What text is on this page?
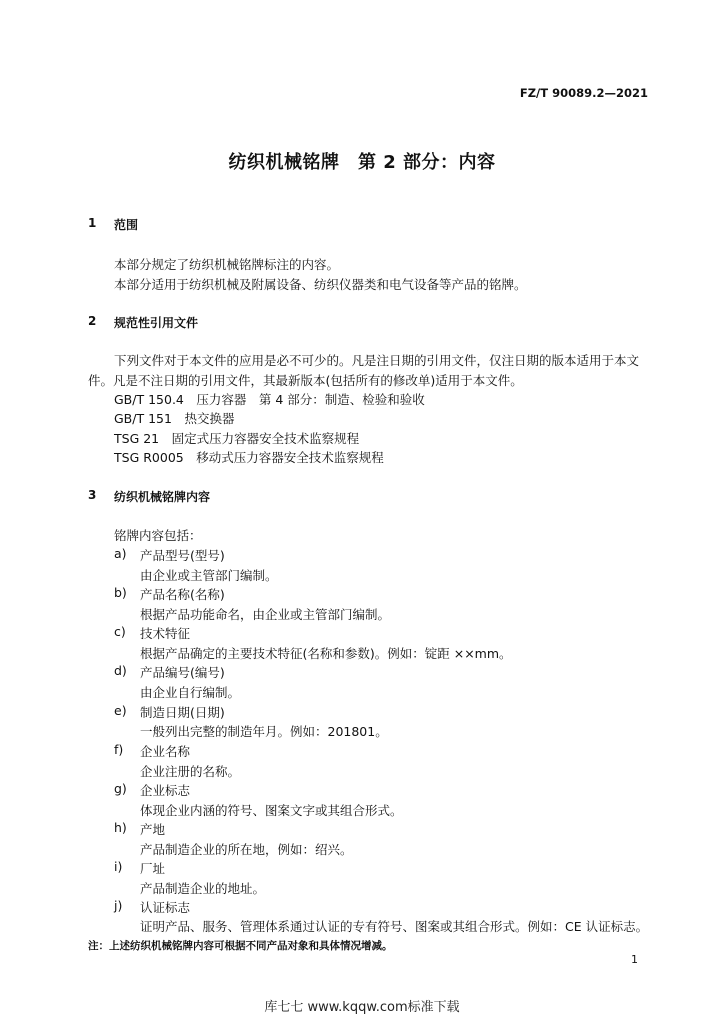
FZ/T 90089.2—2021
纺织机械铭牌　第 2 部分：内容
1 范围
本部分规定了纺织机械铭牌标注的内容。
本部分适用于纺织机械及附属设备、纺织仪器类和电气设备等产品的铭牌。
2 规范性引用文件
下列文件对于本文件的应用是必不可少的。凡是注日期的引用文件，仅注日期的版本适用于本文
件。凡是不注日期的引用文件，其最新版本(包括所有的修改单)适用于本文件。
GB/T 150.4　压力容器　第 4 部分：制造、检验和验收
GB/T 151　热交换器
TSG 21　固定式压力容器安全技术监察规程
TSG R0005　移动式压力容器安全技术监察规程
3 纺织机械铭牌内容
铭牌内容包括：
a) 产品型号(型号)
由企业或主管部门编制。
b) 产品名称(名称)
根据产品功能命名，由企业或主管部门编制。
c) 技术特征
根据产品确定的主要技术特征(名称和参数)。例如：锭距 ××mm。
d) 产品编号(编号)
由企业自行编制。
e) 制造日期(日期)
一般列出完整的制造年月。例如：201801。
f) 企业名称
企业注册的名称。
g) 企业标志
体现企业内涵的符号、图案文字或其组合形式。
h) 产地
产品制造企业的所在地，例如：绍兴。
i) 厂址
产品制造企业的地址。
j) 认证标志
证明产品、服务、管理体系通过认证的专有符号、图案或其组合形式。例如：CE 认证标志。
注：上述纺织机械铭牌内容可根据不同产品对象和具体情况增减。
1
库七七 www.kqqw.com标准下载
